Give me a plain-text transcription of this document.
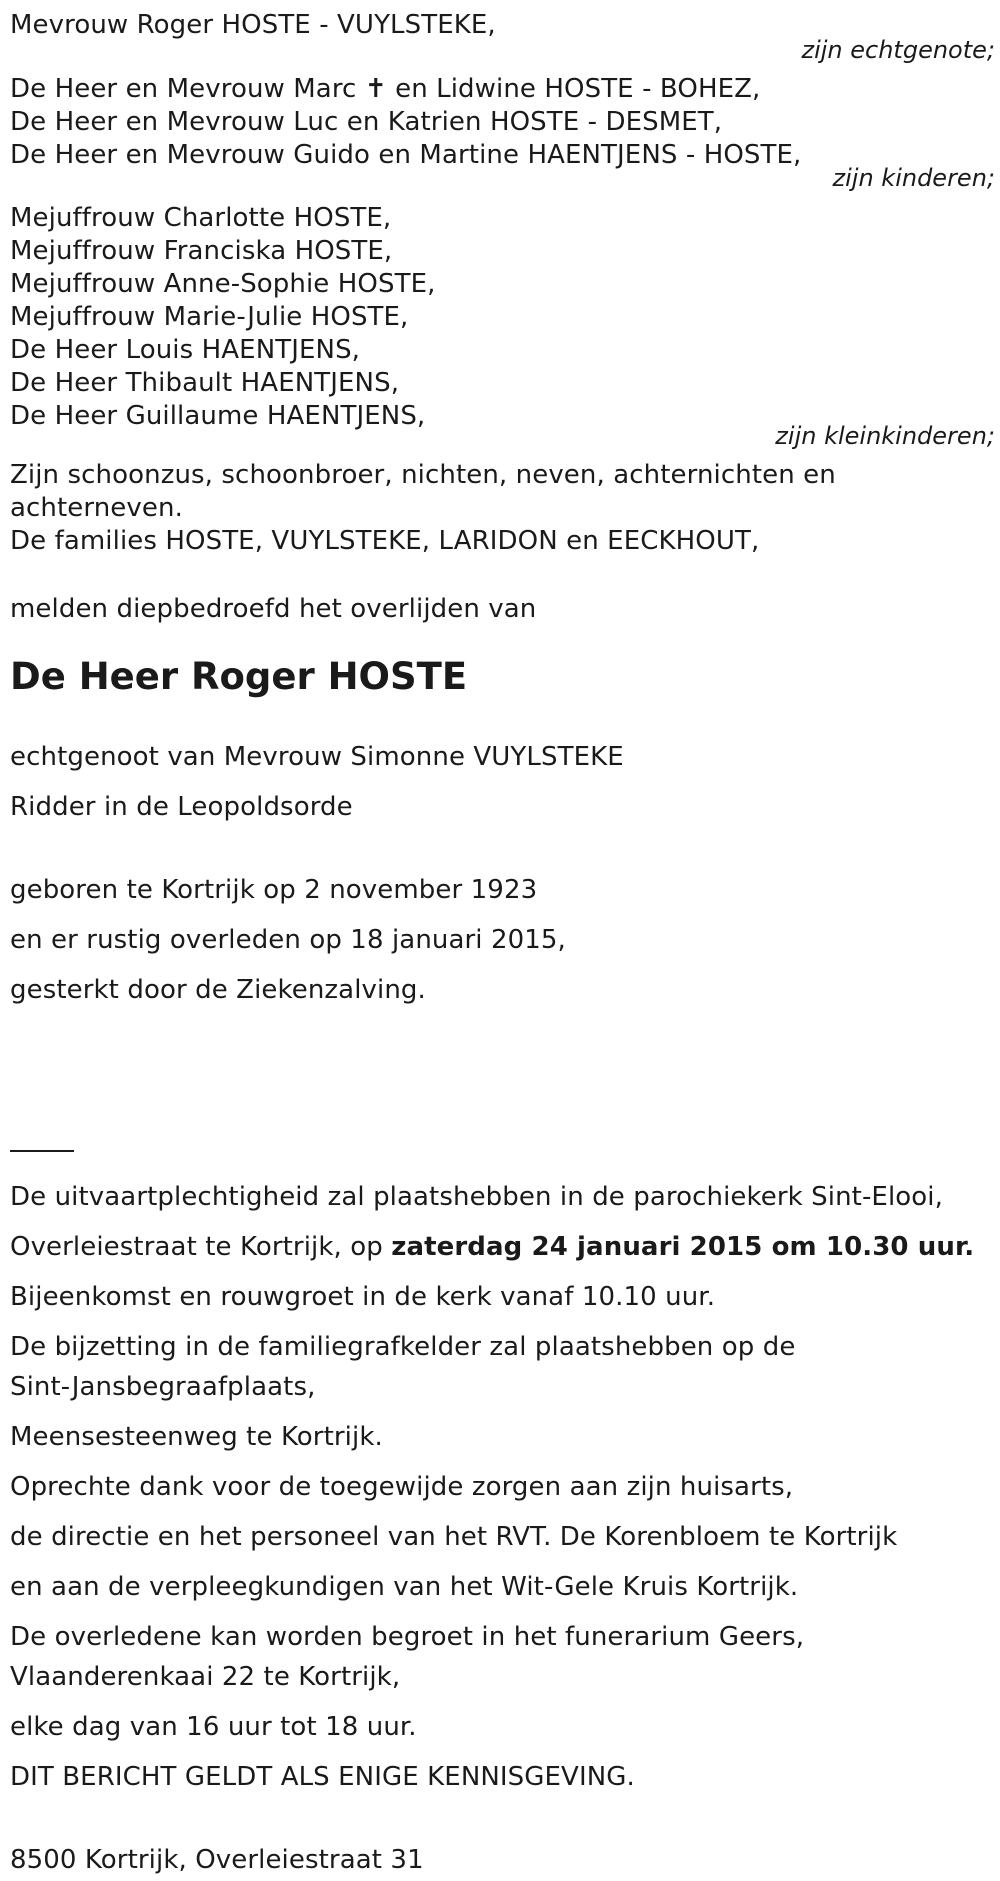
Mevrouw Roger HOSTE - VUYLSTEKE,

zijn echtgenote;

De Heer en Mevrouw Marc ✝ en Lidwine HOSTE - BOHEZ,

De Heer en Mevrouw Luc en Katrien HOSTE - DESMET,

De Heer en Mevrouw Guido en Martine HAENTJENS - HOSTE,

zijn kinderen;

Mejuffrouw Charlotte HOSTE,

Mejuffrouw Franciska HOSTE,

Mejuffrouw Anne-Sophie HOSTE,

Mejuffrouw Marie-Julie HOSTE,

De Heer Louis HAENTJENS,

De Heer Thibault HAENTJENS,

De Heer Guillaume HAENTJENS,

zijn kleinkinderen;

Zijn schoonzus, schoonbroer, nichten, neven, achternichten en

achterneven.

De families HOSTE, VUYLSTEKE, LARIDON en EECKHOUT,

melden diepbedroefd het overlijden van

De Heer Roger HOSTE

echtgenoot van Mevrouw Simonne VUYLSTEKE

Ridder in de Leopoldsorde

geboren te Kortrijk op 2 november 1923

en er rustig overleden op 18 januari 2015,

gesterkt door de Ziekenzalving.

De uitvaartplechtigheid zal plaatshebben in de parochiekerk Sint-Elooi,

Overleiestraat te Kortrijk, op zaterdag 24 januari 2015 om 10.30 uur.

Bijeenkomst en rouwgroet in de kerk vanaf 10.10 uur.

De bijzetting in de familiegrafkelder zal plaatshebben op de

Sint-Jansbegraafplaats,

Meensesteenweg te Kortrijk.

Oprechte dank voor de toegewijde zorgen aan zijn huisarts,

de directie en het personeel van het RVT. De Korenbloem te Kortrijk

en aan de verpleegkundigen van het Wit-Gele Kruis Kortrijk.

De overledene kan worden begroet in het funerarium Geers,

Vlaanderenkaai 22 te Kortrijk,

elke dag van 16 uur tot 18 uur.

DIT BERICHT GELDT ALS ENIGE KENNISGEVING.

8500 Kortrijk, Overleiestraat 31
